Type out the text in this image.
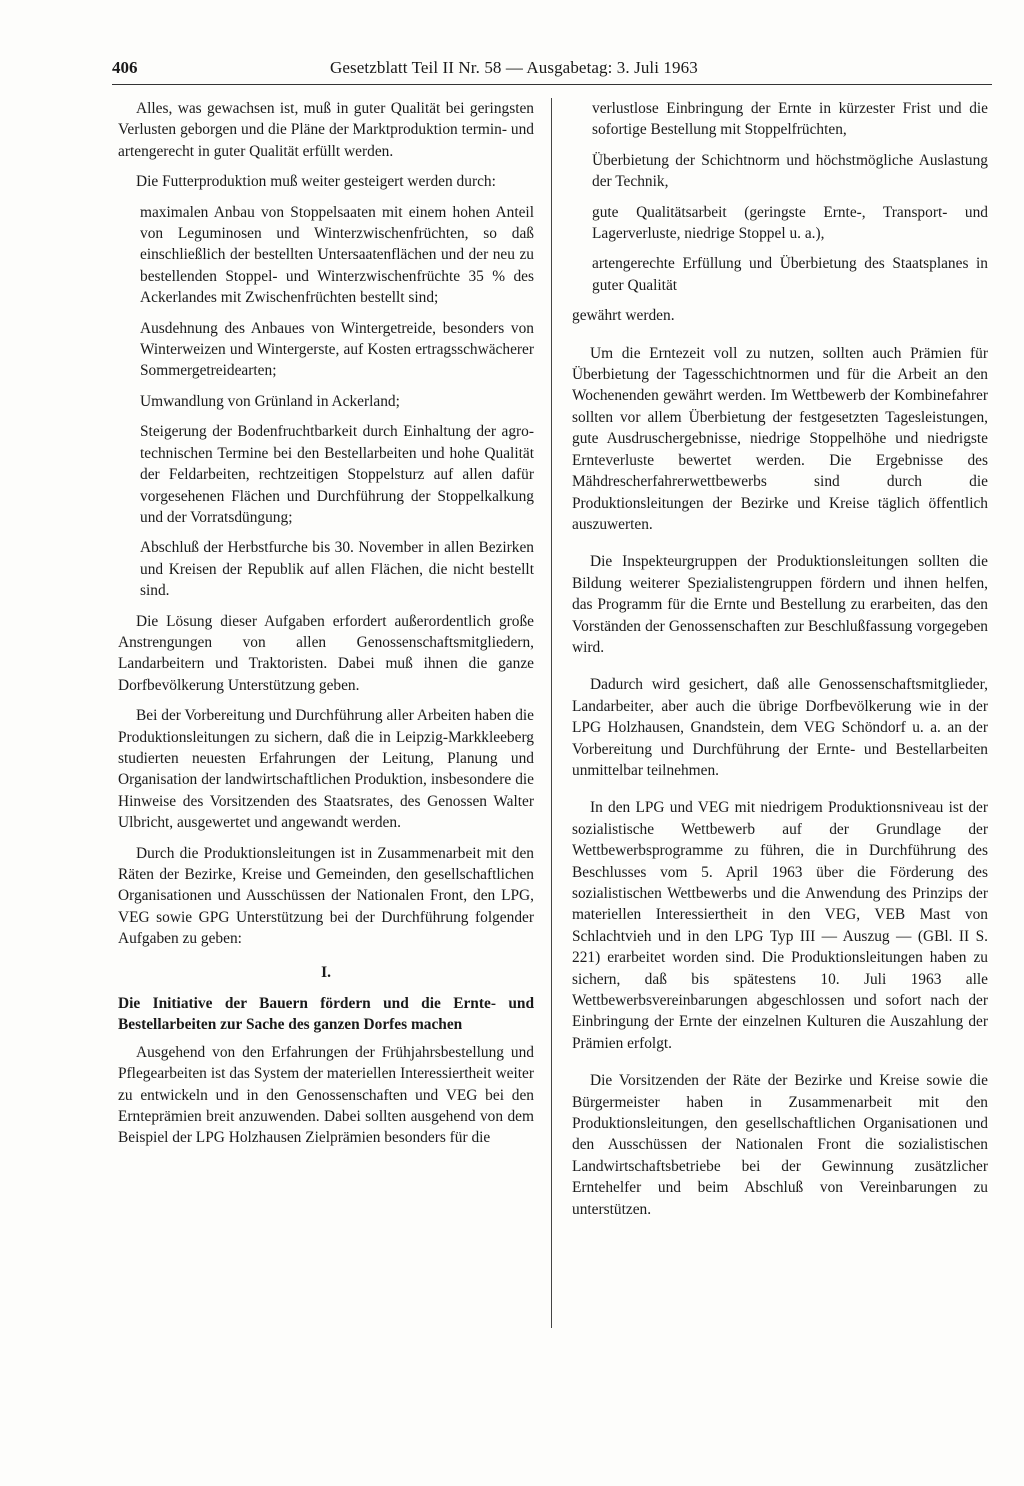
406	Gesetzblatt Teil II Nr. 58 — Ausgabetag: 3. Juli 1963

Alles, was gewachsen ist, muß in guter Qualität bei geringsten Verlusten geborgen und die Pläne der Marktproduktion termin- und artengerecht in guter Qualität erfüllt werden.

Die Futterproduktion muß weiter gesteigert werden durch:

maximalen Anbau von Stoppelsaaten mit einem hohen Anteil von Leguminosen und Winterzwischenfrüchten, so daß einschließlich der bestellten Untersaatenflächen und der neu zu bestellenden Stoppel- und Winterzwischenfrüchte 35 % des Ackerlandes mit Zwischenfrüchten bestellt sind;

Ausdehnung des Anbaues von Wintergetreide, besonders von Winterweizen und Wintergerste, auf Kosten ertragsschwächerer Sommergetreidearten;

Umwandlung von Grünland in Ackerland;

Steigerung der Bodenfruchtbarkeit durch Einhaltung der agro-technischen Termine bei den Bestellarbeiten und hohe Qualität der Feldarbeiten, rechtzeitigen Stoppelsturz auf allen dafür vorgesehenen Flächen und Durchführung der Stoppelkalkung und der Vorratsdüngung;

Abschluß der Herbstfurche bis 30. November in allen Bezirken und Kreisen der Republik auf allen Flächen, die nicht bestellt sind.

Die Lösung dieser Aufgaben erfordert außerordentlich große Anstrengungen von allen Genossenschaftsmitgliedern, Landarbeitern und Traktoristen. Dabei muß ihnen die ganze Dorfbevölkerung Unterstützung geben.

Bei der Vorbereitung und Durchführung aller Arbeiten haben die Produktionsleitungen zu sichern, daß die in Leipzig-Markkleeberg studierten neuesten Erfahrungen der Leitung, Planung und Organisation der landwirtschaftlichen Produktion, insbesondere die Hinweise des Vorsitzenden des Staatsrates, des Genossen Walter Ulbricht, ausgewertet und angewandt werden.

Durch die Produktionsleitungen ist in Zusammenarbeit mit den Räten der Bezirke, Kreise und Gemeinden, den gesellschaftlichen Organisationen und Ausschüssen der Nationalen Front, den LPG, VEG sowie GPG Unterstützung bei der Durchführung folgender Aufgaben zu geben:

I.
Die Initiative der Bauern fördern und die Ernte- und Bestellarbeiten zur Sache des ganzen Dorfes machen

Ausgehend von den Erfahrungen der Frühjahrsbestellung und Pflegearbeiten ist das System der materiellen Interessiertheit weiter zu entwickeln und in den Genossenschaften und VEG bei den Ernteprämien breit anzuwenden. Dabei sollten ausgehend von dem Beispiel der LPG Holzhausen Zielprämien besonders für die

verlustlose Einbringung der Ernte in kürzester Frist und die sofortige Bestellung mit Stoppelfrüchten,

Überbietung der Schichtnorm und höchstmögliche Auslastung der Technik,

gute Qualitätsarbeit (geringste Ernte-, Transport- und Lagerverluste, niedrige Stoppel u. a.),

artengerechte Erfüllung und Überbietung des Staatsplanes in guter Qualität

gewährt werden.

Um die Erntezeit voll zu nutzen, sollten auch Prämien für Überbietung der Tagesschichtnormen und für die Arbeit an den Wochenenden gewährt werden. Im Wettbewerb der Kombinefahrer sollten vor allem Überbietung der festgesetzten Tagesleistungen, gute Ausdruschergebnisse, niedrige Stoppelhöhe und niedrigste Ernteverluste bewertet werden. Die Ergebnisse des Mähdrescherfahrerwettbewerbs sind durch die Produktionsleitungen der Bezirke und Kreise täglich öffentlich auszuwerten.

Die Inspekteurgruppen der Produktionsleitungen sollten die Bildung weiterer Spezialistengruppen fördern und ihnen helfen, das Programm für die Ernte und Bestellung zu erarbeiten, das den Vorständen der Genossenschaften zur Beschlußfassung vorgegeben wird.

Dadurch wird gesichert, daß alle Genossenschaftsmitglieder, Landarbeiter, aber auch die übrige Dorfbevölkerung wie in der LPG Holzhausen, Gnandstein, dem VEG Schöndorf u. a. an der Vorbereitung und Durchführung der Ernte- und Bestellarbeiten unmittelbar teilnehmen.

In den LPG und VEG mit niedrigem Produktionsniveau ist der sozialistische Wettbewerb auf der Grundlage der Wettbewerbsprogramme zu führen, die in Durchführung des Beschlusses vom 5. April 1963 über die Förderung des sozialistischen Wettbewerbs und die Anwendung des Prinzips der materiellen Interessiertheit in den VEG, VEB Mast von Schlachtvieh und in den LPG Typ III — Auszug — (GBl. II S. 221) erarbeitet worden sind. Die Produktionsleitungen haben zu sichern, daß bis spätestens 10. Juli 1963 alle Wettbewerbsvereinbarungen abgeschlossen und sofort nach der Einbringung der Ernte der einzelnen Kulturen die Auszahlung der Prämien erfolgt.

Die Vorsitzenden der Räte der Bezirke und Kreise sowie die Bürgermeister haben in Zusammenarbeit mit den Produktionsleitungen, den gesellschaftlichen Organisationen und den Ausschüssen der Nationalen Front die sozialistischen Landwirtschaftsbetriebe bei der Gewinnung zusätzlicher Erntehelfer und beim Abschluß von Vereinbarungen zu unterstützen.
